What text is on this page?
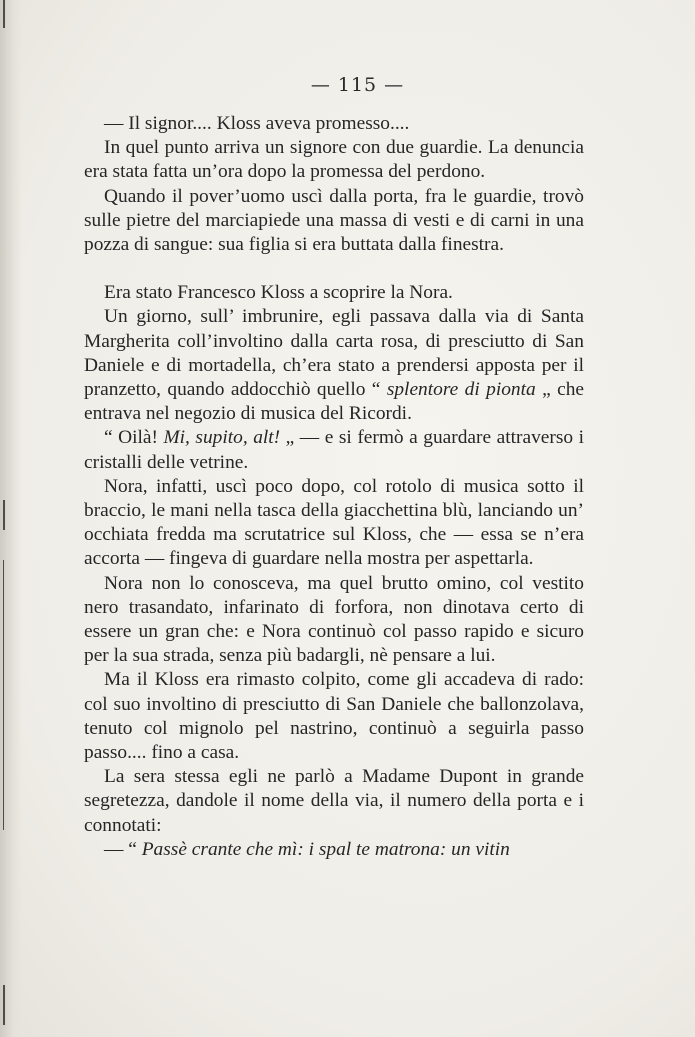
— 115 —

— Il signor.... Kloss aveva promesso....

In quel punto arriva un signore con due guardie. La denuncia era stata fatta un’ora dopo la promessa del perdono.

Quando il pover’uomo uscì dalla porta, fra le guardie, trovò sulle pietre del marciapiede una massa di vesti e di carni in una pozza di sangue: sua figlia si era buttata dalla finestra.

Era stato Francesco Kloss a scoprire la Nora.

Un giorno, sull’ imbrunire, egli passava dalla via di Santa Margherita coll’involtino dalla carta rosa, di presciutto di San Daniele e di mortadella, ch’era stato a prendersi apposta per il pranzetto, quando addocchiò quello “ splentore di pionta „ che entrava nel negozio di musica del Ricordi.

“ Oilà! Mi, supito, alt! „ — e si fermò a guardare attraverso i cristalli delle vetrine.

Nora, infatti, uscì poco dopo, col rotolo di musica sotto il braccio, le mani nella tasca della giacchettina blù, lanciando un’ occhiata fredda ma scrutatrice sul Kloss, che — essa se n’era accorta — fingeva di guardare nella mostra per aspettarla.

Nora non lo conosceva, ma quel brutto omino, col vestito nero trasandato, infarinato di forfora, non dinotava certo di essere un gran che: e Nora continuò col passo rapido e sicuro per la sua strada, senza più badargli, nè pensare a lui.

Ma il Kloss era rimasto colpito, come gli accadeva di rado: col suo involtino di presciutto di San Daniele che ballonzolava, tenuto col mignolo pel nastrino, continuò a seguirla passo passo.... fino a casa.

La sera stessa egli ne parlò a Madame Dupont in grande segretezza, dandole il nome della via, il numero della porta e i connotati:

— “ Passè crante che mì: i spal te matrona: un vitin
